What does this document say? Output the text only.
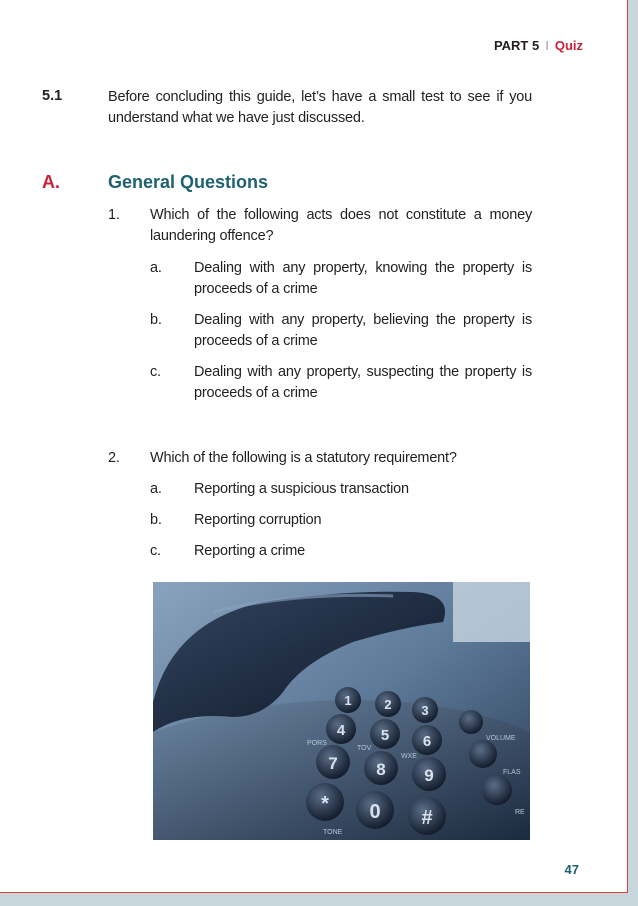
PART 5 I Quiz
5.1	Before concluding this guide, let’s have a small test to see if you understand what we have just discussed.
A.	General Questions
1. Which of the following acts does not constitute a money laundering offence?
a. Dealing with any property, knowing the property is proceeds of a crime
b. Dealing with any property, believing the property is proceeds of a crime
c. Dealing with any property, suspecting the property is proceeds of a crime
2. Which of the following is a statutory requirement?
a. Reporting a suspicious transaction
b. Reporting corruption
c. Reporting a crime
1	2 3
4 5 6
7 8 9
* 0 #
VOLUME
FLAS
RE
TONE
TOV
WXE
PORS
47
